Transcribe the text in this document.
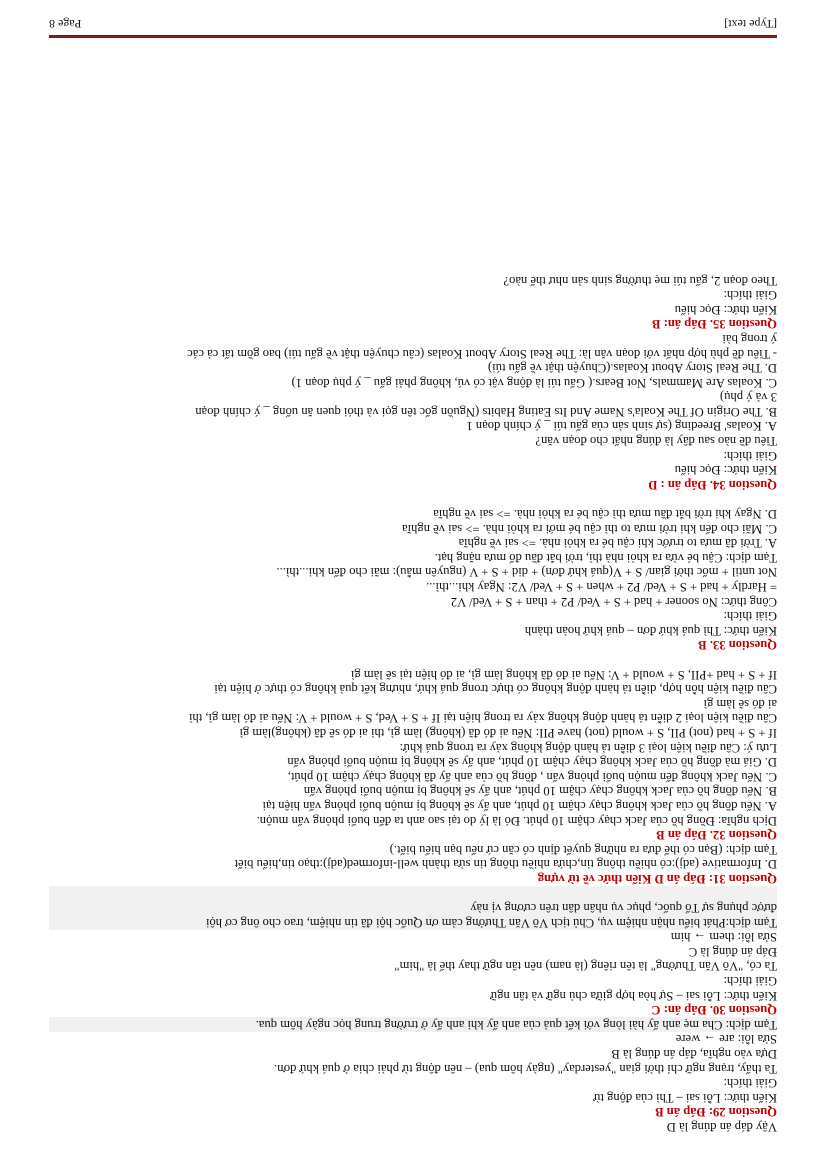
Vậy đáp án đúng là D
Question 29: Đáp án B
Kiến thức: Lỗi sai – Thì của động từ
Giải thích:
Ta thấy, trạng ngữ chỉ thời gian "yesterday" (ngày hôm qua) – nên động từ phải chia ở quá khứ đơn.
Dựa vào nghĩa, đáp án đúng là B
Sửa lỗi: are → were
Tạm dịch: Cha mẹ anh ấy hài lòng với kết quả của anh ấy khi anh ấy ở trường trung học ngày hôm qua.
Question 30. Đáp án: C
Kiến thức: Lỗi sai – Sự hòa hợp giữa chủ ngữ và tân ngữ
Giải thích:
Ta có, "Võ Văn Thưởng" là tên riêng (là nam) nên tân ngữ thay thế là "him"
Đáp án đúng là C
Sửa lỗi: them → him
Tạm dịch:Phát biểu nhận nhiệm vụ, Chủ tịch Võ Văn Thưởng cảm ơn Quốc hội đã tin nhiệm, trao cho ông cơ hội
được phụng sự Tổ quốc, phục vụ nhân dân trên cương vị này
Question 31: Đáp án D Kiến thức về từ vựng
D. Informative (adj):có nhiều thông tin,chứa nhiều thông tin sửa thành well-informed(adj):thạo tin,hiểu biết
Tạm dịch: (Bạn có thể đưa ra những quyết định có căn cứ nếu bạn hiểu biết.)
Question 32. Đáp án B
Dịch nghĩa: Đồng hồ của Jack chạy chậm 10 phút. Đó là lý do tại sao anh ta đến buổi phỏng vấn muộn.
A. Nếu đồng hồ của Jack không chạy chậm 10 phút, anh ấy sẽ không bị muộn buổi phỏng vấn hiện tại
B. Nếu đồng hồ của Jack không chạy chậm 10 phút, anh ấy sẽ không bị muộn buổi phỏng vấn
C. Nếu Jack không đến muộn buổi phỏng vấn , đồng hồ của anh ấy đã không chạy chậm 10 phút,
D. Giá mà đồng hồ của Jack không chạy chậm 10 phút, anh ấy sẽ không bị muộn buổi phỏng vấn
Lưu ý: Câu điều kiện loại 3 diễn tả hành động không xảy ra trong quá khứ:
If + S + had (not) PII, S + would (not) have PII: Nếu ai đó đã (không) làm gì, thì ai đó sẽ đã (không)làm gì
Câu điều kiện loại 2 diễn tả hành động không xảy ra trong hiện tại If + S + Ved, S + would + V: Nếu ai đó làm gì, thì
ai đó sẽ làm gì
Câu điều kiện hỗn hợp, diễn tả hành động không có thực trong quá khứ, nhưng kết quả không có thực ở hiện tại
If + S + had +PII, S + would + V: Nếu ai đó đã không làm gì, ai đó hiện tại sẽ làm gì
Question 33. B
Kiến thức: Thì quá khứ đơn – quá khứ hoàn thành
Giải thích:
Công thức: No sooner + had + S + Ved/ P2 + than + S + Ved/ V2
= Hardly + had + S + Ved/ P2 + when + S + Ved/ V2: Ngay khi...thì...
Not until + mốc thời gian/ S + V(quá khứ đơn) + did + S + V (nguyên mẫu): mãi cho đến khi...thì...
Tạm dịch: Cậu bé vừa ra khỏi nhà thì, trời bắt đầu đổ mưa nặng hạt.
A. Trời đã mưa to trước khi cậu bé ra khỏi nhà. => sai về nghĩa
C. Mãi cho đến khi trời mưa to thì cậu bé mới ra khỏi nhà. => sai về nghĩa
D. Ngay khi trời bắt đầu mưa thì cậu bé ra khỏi nhà. => sai về nghĩa
Question 34. Đáp án : D
Kiến thức: Đọc hiểu
Giải thích:
Tiêu đề nào sau đây là đúng nhất cho đoạn văn?
A. Koalas' Breeding (sự sinh sản của gấu túi _ ý chính đoạn 1
B. The Origin Of The Koala's Name And Its Eating Habits (Nguồn gốc tên gọi và thói quen ăn uống _ ý chính đoạn
3 và ý phụ)
C. Koalas Are Mammals, Not Bears.( Gấu túi là động vật có vú, không phải gấu _ ý phụ đoạn 1)
D. The Real Story About Koalas.(Chuyện thật về gấu túi)
- Tiêu đề phù hợp nhất với đoạn văn là: The Real Story About Koalas (câu chuyện thật về gấu túi) bao gồm tất cả các
ý trong bài
Question 35. Đáp án: B
Kiến thức: Đọc hiểu
Giải thích:
Theo đoạn 2, gấu túi mẹ thường sinh sản như thế nào?
[Type text]
Page 8
